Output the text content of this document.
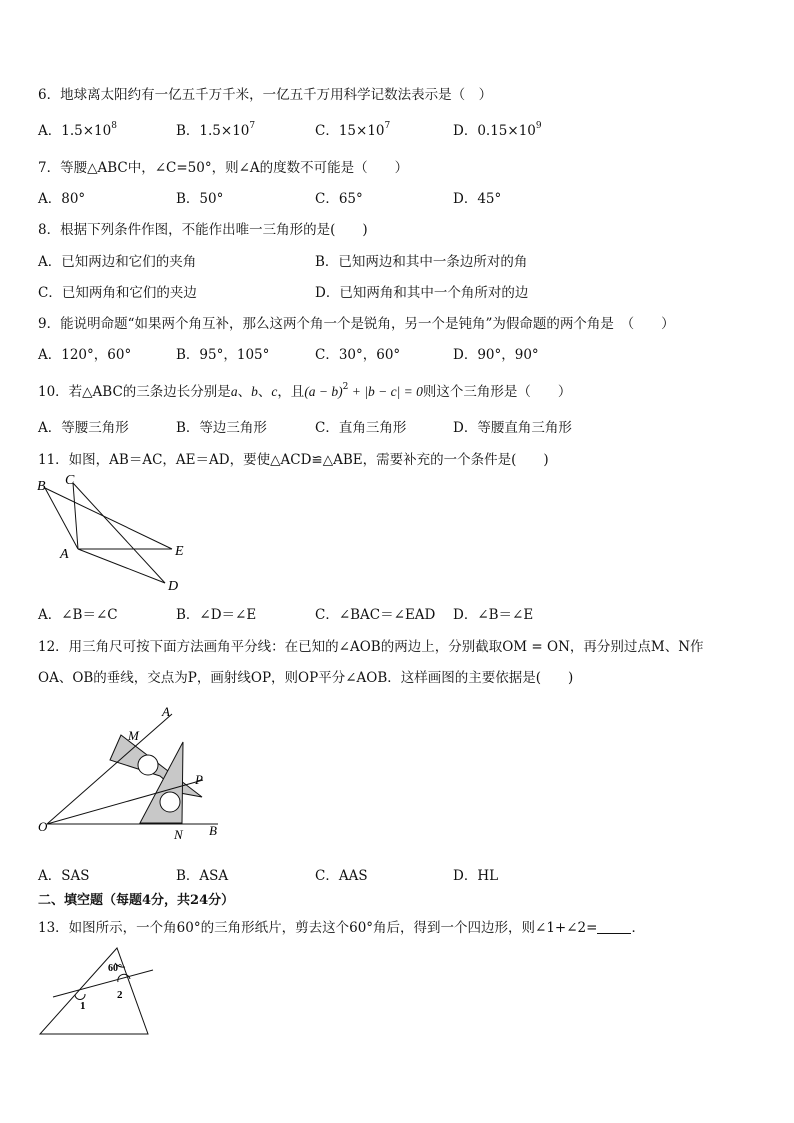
6．地球离太阳约有一亿五千万千米，一亿五千万用科学记数法表示是（　）
A．$1.5\times 10^8$	B．$1.5\times 10^7$	C．$15\times 10^7$	D．$0.15\times 10^9$
7．等腰△ABC中，∠C=50°，则∠A的度数不可能是（　　）
A．80°	B．50°	C．65°	D．45°
8．根据下列条件作图，不能作出唯一三角形的是(　　)
A．已知两边和它们的夹角	B．已知两边和其中一条边所对的角
C．已知两角和它们的夹边	D．已知两角和其中一个角所对的边
9．能说明命题“如果两个角互补，那么这两个角一个是锐角，另一个是钝角”为假命题的两个角是　（　　）
A．120°，60°	B．95°，105°	C．30°，60°	D．90°，90°
10．若△ABC的三条边长分别是a、b、c，且$(a - b)^2 + |b - c| = 0$则这个三角形是（　　）
A．等腰三角形	B．等边三角形	C．直角三角形	D．等腰直角三角形
11．如图，AB＝AC，AE＝AD，要使△ACD≌△ABE，需要补充的一个条件是(　　)
B C
A	E
D
A．∠B＝∠C	B．∠D＝∠E	C．∠BAC＝∠EAD D．∠B＝∠E
12．用三角尺可按下面方法画角平分线：在已知的∠AOB的两边上，分别截取OM = ON，再分别过点M、N作
OA、OB的垂线，交点为P，画射线OP，则OP平分∠AOB．这样画图的主要依据是(　　)
A
M
P
O
N B
A．SAS	B．ASA	C．AAS	D．HL
二、填空题（每题4分，共24分）
13．如图所示，一个角60°的三角形纸片，剪去这个60°角后，得到一个四边形，则∠1+∠2=	．
60°
1
2
